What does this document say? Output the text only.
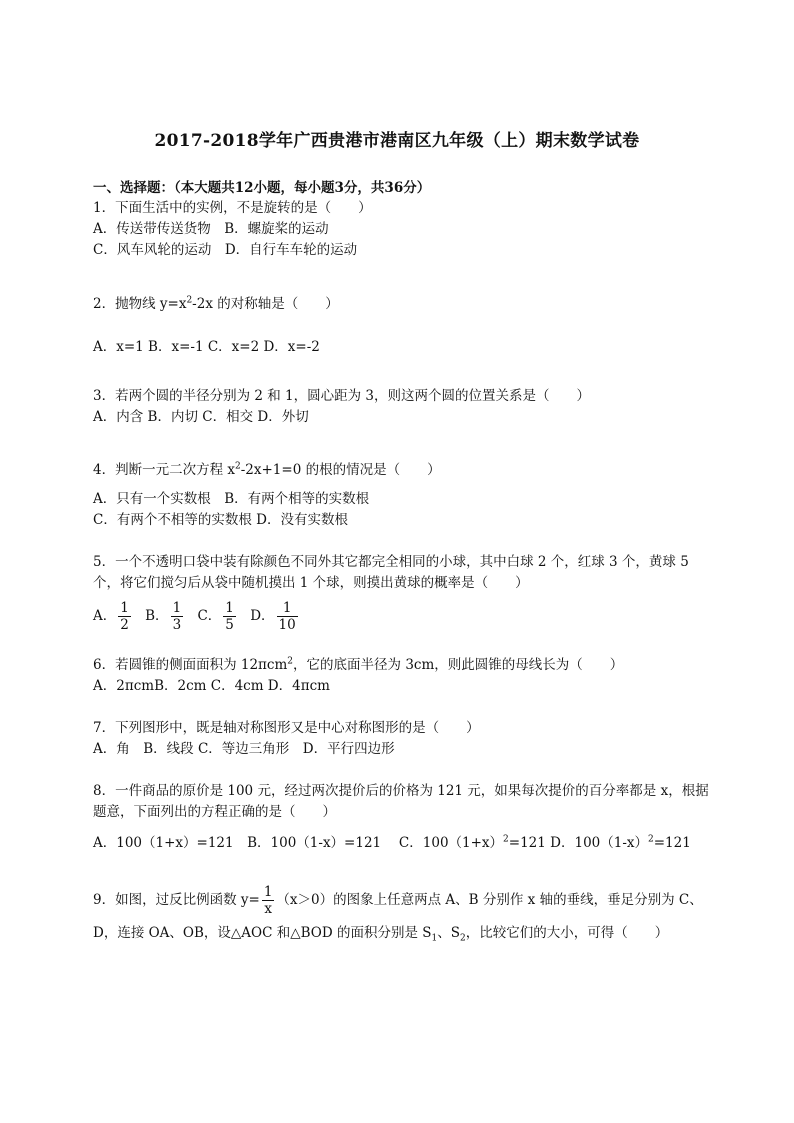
2017-2018学年广西贵港市港南区九年级（上）期末数学试卷
一、选择题：（本大题共12小题，每小题3分，共36分）
1．下面生活中的实例，不是旋转的是（　　）
A．传送带传送货物　B．螺旋桨的运动
C．风车风轮的运动　D．自行车车轮的运动
2．抛物线 $y=x^2-2x$ 的对称轴是（　　）
A．x=1 B．x=-1 C．x=2 D．x=-2
3．若两个圆的半径分别为 2 和 1，圆心距为 3，则这两个圆的位置关系是（　　）
A．内含 B．内切 C．相交 D．外切
4．判断一元二次方程 $x^2-2x+1=0$ 的根的情况是（　　）
A．只有一个实数根　B．有两个相等的实数根
C．有两个不相等的实数根 D．没有实数根
5．一个不透明口袋中装有除颜色不同外其它都完全相同的小球，其中白球 2 个，红球 3 个，黄球 5 个，将它们搅匀后从袋中随机摸出 1 个球，则摸出黄球的概率是（　　）
A． $\frac{1}{2}$ B． $\frac{1}{3}$ C． $\frac{1}{5}$ D． $\frac{1}{10}$
6．若圆锥的侧面面积为 12πcm$^2$，它的底面半径为 3cm，则此圆锥的母线长为（　　）
A．2πcmB．2cm C．4cm D．4πcm
7．下列图形中，既是轴对称图形又是中心对称图形的是（　　）
A．角　B．线段 C．等边三角形　D．平行四边形
8．一件商品的原价是 100 元，经过两次提价后的价格为 121 元，如果每次提价的百分率都是 x，根据题意，下面列出的方程正确的是（　　）
A．100（1+x）=121　B．100（1-x）=121　 C．$100(1+x)^2=121$ D．$100(1-x)^2=121$
9．如图，过反比例函数 $y= \frac{1}{x} (x>0)$的图象上任意两点 A、B 分别作 x 轴的垂线，垂足分别为 C、
D，连接 OA、OB，设△AOC 和△BOD 的面积分别是 $S_1$、$S_2$，比较它们的大小，可得（　　）
